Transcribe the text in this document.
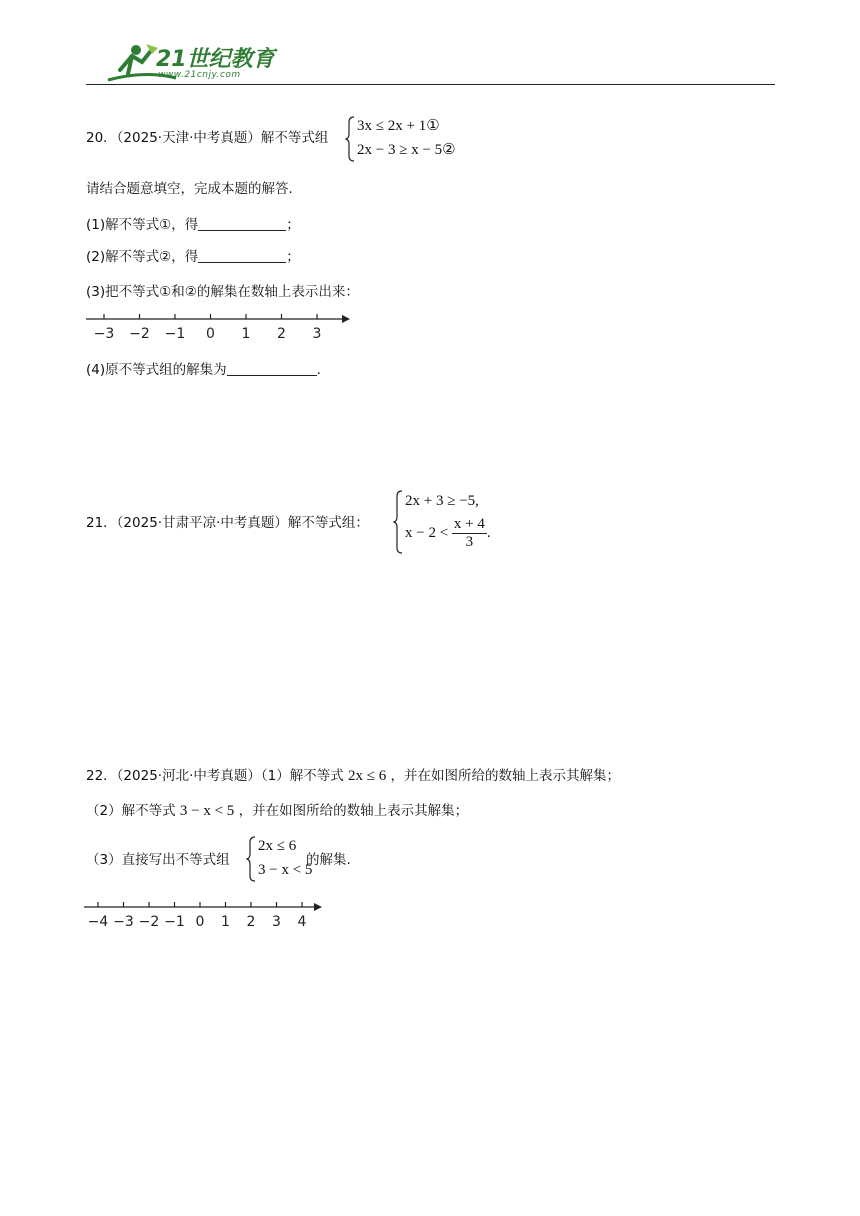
21世纪教育
www.21cnjy.com
20．（2025·天津·中考真题）解不等式组
3x ≤ 2x + 1①
2x − 3 ≥ x − 5②
请结合题意填空，完成本题的解答.
(1)解不等式①，得	；
(2)解不等式②，得	；
(3)把不等式①和②的解集在数轴上表示出来：
−3 −2 −1 0 1 2 3
(4)原不等式组的解集为	.
21．（2025·甘肃平凉·中考真题）解不等式组：
2x + 3 ≥ −5,
$x - 2 < \frac{x + 4}{3}$ .
22．（2025·河北·中考真题）（1）解不等式 2x ≤ 6 ，并在如图所给的数轴上表示其解集；
（2）解不等式 3 − x < 5 ，并在如图所给的数轴上表示其解集；
（3）直接写出不等式组
2x ≤ 6
3 − x < 5
的解集.
−4 −3 −2 −1 0 1 2 3 4
